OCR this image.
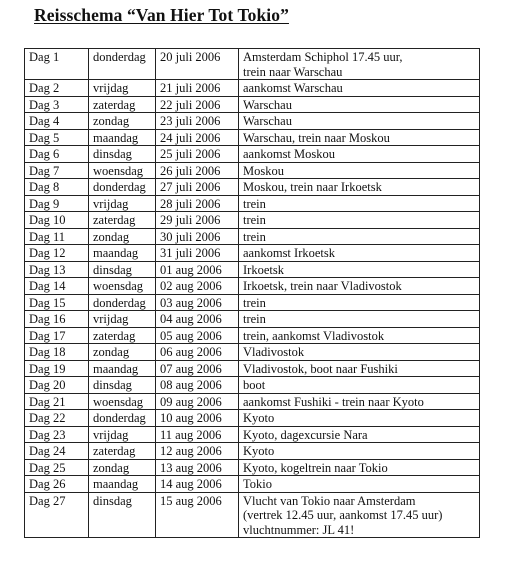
Reisschema “Van Hier Tot Tokio”
Dag 1	donderdag	20 juli 2006	Amsterdam Schiphol 17.45 uur,
trein naar Warschau

Dag 2	vrijdag	21 juli 2006	aankomst Warschau

Dag 3	zaterdag	22 juli 2006	Warschau

Dag 4	zondag	23 juli 2006	Warschau

Dag 5	maandag	24 juli 2006	Warschau, trein naar Moskou

Dag 6	dinsdag	25 juli 2006	aankomst Moskou

Dag 7	woensdag	26 juli 2006	Moskou

Dag 8	donderdag	27 juli 2006	Moskou, trein naar Irkoetsk

Dag 9	vrijdag	28 juli 2006	trein

Dag 10	zaterdag	29 juli 2006	trein

Dag 11	zondag	30 juli 2006	trein

Dag 12	maandag	31 juli 2006	aankomst Irkoetsk

Dag 13	dinsdag	01 aug 2006	Irkoetsk

Dag 14	woensdag	02 aug 2006	Irkoetsk, trein naar Vladivostok

Dag 15	donderdag	03 aug 2006	trein

Dag 16	vrijdag	04 aug 2006	trein

Dag 17	zaterdag	05 aug 2006	trein, aankomst Vladivostok

Dag 18	zondag	06 aug 2006	Vladivostok

Dag 19	maandag	07 aug 2006	Vladivostok, boot naar Fushiki

Dag 20	dinsdag	08 aug 2006	boot

Dag 21	woensdag	09 aug 2006	aankomst Fushiki - trein naar Kyoto

Dag 22	donderdag	10 aug 2006	Kyoto

Dag 23	vrijdag	11 aug 2006	Kyoto, dagexcursie Nara

Dag 24	zaterdag	12 aug 2006	Kyoto

Dag 25	zondag	13 aug 2006	Kyoto, kogeltrein naar Tokio

Dag 26	maandag	14 aug 2006	Tokio

Dag 27	dinsdag	15 aug 2006	Vlucht van Tokio naar Amsterdam
(vertrek 12.45 uur, aankomst 17.45 uur)
vluchtnummer: JL 41!
